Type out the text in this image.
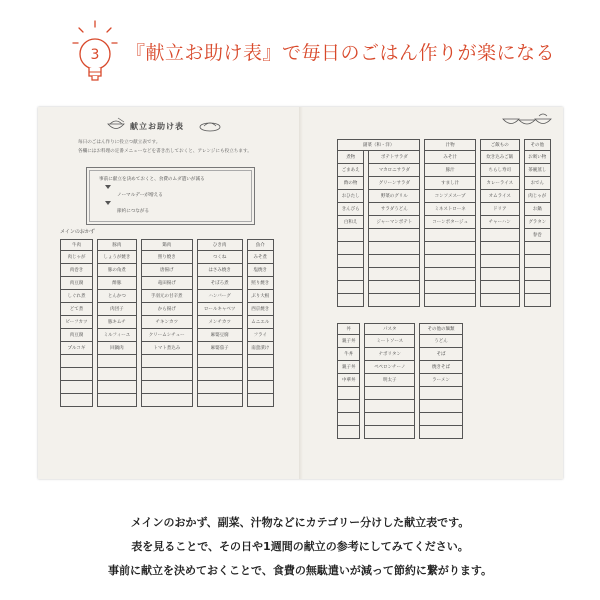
3 『献立お助け表』で毎日のごはん作りが楽になる
献立お助け表
毎日のごはん作りに役立つ献立表です。
各欄にはお料理の定番メニューなどを書き出しておくと、アレンジにも役立ちます。
事前に献立を決めておくと、食費のムダ遣いが減る
ノーマルデーが増える
節約につながる
メインのおかず
牛肉	豚肉	鶏肉	ひき肉	魚介
肉じゃが	しょうが焼き	照り焼き	つくね	みそ煮
肉巻き	豚の角煮	唐揚げ	はさみ焼き	塩焼き
肉豆腐	酢豚	竜田揚げ	そぼろ煮	照り焼き
しぐれ煮	とんかつ	手羽元の甘辛煮	ハンバーグ	ぶり大根
どて煮	肉団子	から揚げ	ロールキャベツ	西京焼き
ビーフカツ	豚キムチ	チキンカツ	メンチカツ	ムニエル
肉豆腐	ミルフィーユ	クリームシチュー	麻婆豆腐	フライ
プルコギ	回鍋肉	トマト煮込み	麻婆茄子	南蛮漬け

副菜（和・洋）		汁物	ご飯もの	その他
煮物	ポテトサラダ	みそ汁	炊き込みご飯	お吸い物
ごまあえ	マカロニサラダ	豚汁	ちらし寿司	茶碗蒸し
酢の物	グリーンサラダ	すまし汁	カレーライス	おでん
おひたし	野菜のグリル	コンソメスープ	オムライス	肉じゃが
きんぴら	サラダうどん	ミネストローネ	ドリア	お鍋
白和え	ジャーマンポテト	コーンポタージュ	チャーハン	グラタン
				春巻

丼	パスタ	その他の麺類
親子丼	ミートソース	うどん
牛丼	ナポリタン	そば
親子丼	ペペロンチーノ	焼きそば
中華丼	明太子	ラーメン

メインのおかず、副菜、汁物などにカテゴリー分けした献立表です。
表を見ることで、その日や1週間の献立の参考にしてみてください。
事前に献立を決めておくことで、食費の無駄遣いが減って節約に繋がります。
